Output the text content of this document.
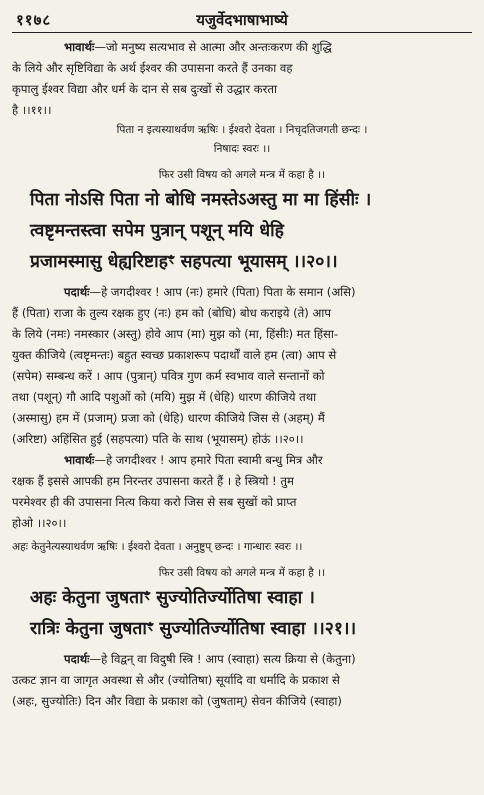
११७८	यजुर्वेदभाषाभाष्ये
भावार्थः—जो मनुष्य सत्यभाव से आत्मा और अन्तःकरण की शुद्धि
के लिये और सृष्टिविद्या के अर्थ ईश्वर की उपासना करते हैं उनका वह
कृपालु ईश्वर विद्या और धर्म के दान से सब दुःखों से उद्धार करता
है ।।११।।
पिता न इत्यस्याथर्वण ऋषिः । ईश्वरो देवता । निचृदतिजगती छन्दः ।
निषादः स्वरः ।।
फिर उसी विषय को अगले मन्त्र में कहा है ।।
पिता नोऽसि पिता नो बोधि नमस्तेऽअस्तु मा मा हिंसीः ।
त्वष्टृमन्तस्त्वा सपेम पुत्रान् पशून् मयि धेहि
प्रजामस्मासु धेह्यरिष्टाहꣳ सहपत्या भूयासम् ।।२०।।
पदार्थः—हे जगदीश्वर ! आप (नः) हमारे (पिता) पिता के समान (असि)
हैं (पिता) राजा के तुल्य रक्षक हुए (नः) हम को (बोधि) बोध कराइये (ते) आप
के लिये (नमः) नमस्कार (अस्तु) होवे आप (मा) मुझ को (मा, हिंसीः) मत हिंसा-
युक्त कीजिये (त्वष्टृमन्तः) बहुत स्वच्छ प्रकाशरूप पदार्थों वाले हम (त्वा) आप से
(सपेम) सम्बन्ध करें । आप (पुत्रान्) पवित्र गुण कर्म स्वभाव वाले सन्तानों को
तथा (पशून्) गौ आदि पशुओं को (मयि) मुझ में (धेहि) धारण कीजिये तथा
(अस्मासु) हम में (प्रजाम्) प्रजा को (धेहि) धारण कीजिये जिस से (अहम्) मैं
(अरिष्टा) अहिंसित हुई (सहपत्या) पति के साथ (भूयासम्) होऊं ।।२०।।
भावार्थः—हे जगदीश्वर ! आप हमारे पिता स्वामी बन्धु मित्र और
रक्षक हैं इससे आपकी हम निरन्तर उपासना करते हैं । हे स्त्रियो ! तुम
परमेश्वर ही की उपासना नित्य किया करो जिस से सब सुखों को प्राप्त
होओ ।।२०।।
अहः केतुनेत्यस्याथर्वण ऋषिः । ईश्वरो देवता । अनुष्टुप् छन्दः । गान्धारः स्वरः ।।
फिर उसी विषय को अगले मन्त्र में कहा है ।।
अहः केतुना जुषताꣳ सुज्योतिर्ज्योतिषा स्वाहा ।
रात्रिः केतुना जुषताꣳ सुज्योतिर्ज्योतिषा स्वाहा ।।२१।।
पदार्थः—हे विद्वन् वा विदुषी स्त्रि ! आप (स्वाहा) सत्य क्रिया से (केतुना)
उत्कट ज्ञान वा जागृत अवस्था से और (ज्योतिषा) सूर्यादि वा धर्मादि के प्रकाश से
(अहः, सुज्योतिः) दिन और विद्या के प्रकाश को (जुषताम्) सेवन कीजिये (स्वाहा)
